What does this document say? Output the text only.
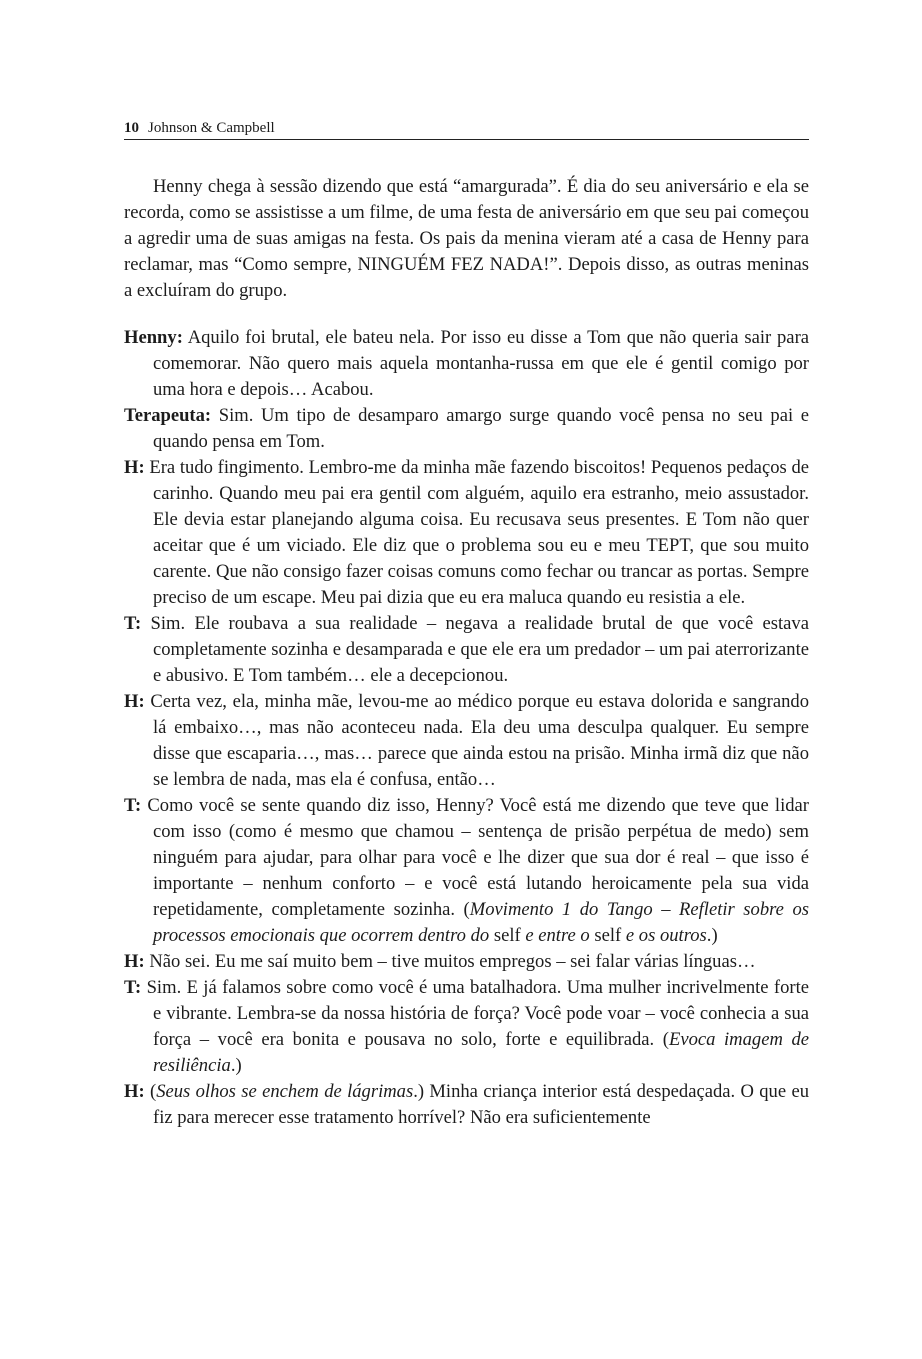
10 Johnson & Campbell

Henny chega à sessão dizendo que está “amargurada”. É dia do seu aniversário e ela se recorda, como se assistisse a um filme, de uma festa de aniversário em que seu pai começou a agredir uma de suas amigas na festa. Os pais da menina vieram até a casa de Henny para reclamar, mas “Como sempre, NINGUÉM FEZ NADA!”. Depois disso, as outras meninas a excluíram do grupo.

Henny: Aquilo foi brutal, ele bateu nela. Por isso eu disse a Tom que não queria sair para comemorar. Não quero mais aquela montanha-russa em que ele é gentil comigo por uma hora e depois… Acabou.

Terapeuta: Sim. Um tipo de desamparo amargo surge quando você pensa no seu pai e quando pensa em Tom.

H: Era tudo fingimento. Lembro-me da minha mãe fazendo biscoitos! Pequenos pedaços de carinho. Quando meu pai era gentil com alguém, aquilo era estranho, meio assustador. Ele devia estar planejando alguma coisa. Eu recusava seus presentes. E Tom não quer aceitar que é um viciado. Ele diz que o problema sou eu e meu TEPT, que sou muito carente. Que não consigo fazer coisas comuns como fechar ou trancar as portas. Sempre preciso de um escape. Meu pai dizia que eu era maluca quando eu resistia a ele.

T: Sim. Ele roubava a sua realidade – negava a realidade brutal de que você estava completamente sozinha e desamparada e que ele era um predador – um pai aterrorizante e abusivo. E Tom também… ele a decepcionou.

H: Certa vez, ela, minha mãe, levou-me ao médico porque eu estava dolorida e sangrando lá embaixo…, mas não aconteceu nada. Ela deu uma desculpa qualquer. Eu sempre disse que escaparia…, mas… parece que ainda estou na prisão. Minha irmã diz que não se lembra de nada, mas ela é confusa, então…

T: Como você se sente quando diz isso, Henny? Você está me dizendo que teve que lidar com isso (como é mesmo que chamou – sentença de prisão perpétua de medo) sem ninguém para ajudar, para olhar para você e lhe dizer que sua dor é real – que isso é importante – nenhum conforto – e você está lutando heroicamente pela sua vida repetidamente, completamente sozinha. (Movimento 1 do Tango – Refletir sobre os processos emocionais que ocorrem dentro do self e entre o self e os outros.)

H: Não sei. Eu me saí muito bem – tive muitos empregos – sei falar várias línguas…

T: Sim. E já falamos sobre como você é uma batalhadora. Uma mulher incrivelmente forte e vibrante. Lembra-se da nossa história de força? Você pode voar – você conhecia a sua força – você era bonita e pousava no solo, forte e equilibrada. (Evoca imagem de resiliência.)

H: (Seus olhos se enchem de lágrimas.) Minha criança interior está despedaçada. O que eu fiz para merecer esse tratamento horrível? Não era suficientemente
